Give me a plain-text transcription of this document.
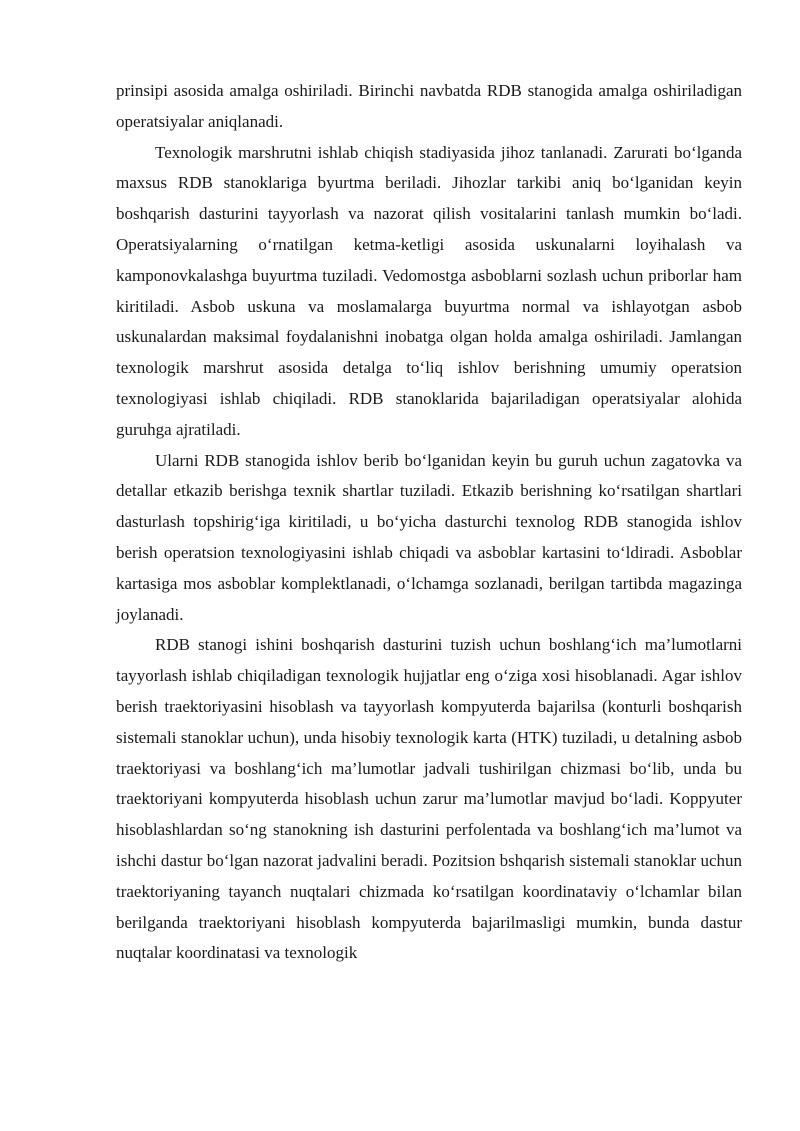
prinsipi asosida amalga oshiriladi. Birinchi navbatda RDB stanogida amalga oshiriladigan operatsiyalar aniqlanadi.

Texnologik marshrutni ishlab chiqish stadiyasida jihoz tanlanadi. Zarurati bo‘lganda maxsus RDB stanoklariga byurtma beriladi. Jihozlar tarkibi aniq bo‘lganidan keyin boshqarish dasturini tayyorlash va nazorat qilish vositalarini tanlash mumkin bo‘ladi. Operatsiyalarning o‘rnatilgan ketma-ketligi asosida uskunalarni loyihalash va kamponovkalashga buyurtma tuziladi. Vedomostga asboblarni sozlash uchun priborlar ham kiritiladi. Asbob uskuna va moslamalarga buyurtma normal va ishlayotgan asbob uskunalardan maksimal foydalanishni inobatga olgan holda amalga oshiriladi. Jamlangan texnologik marshrut asosida detalga to‘liq ishlov berishning umumiy operatsion texnologiyasi ishlab chiqiladi. RDB stanoklarida bajariladigan operatsiyalar alohida guruhga ajratiladi.

Ularni RDB stanogida ishlov berib bo‘lganidan keyin bu guruh uchun zagatovka va detallar etkazib berishga texnik shartlar tuziladi. Etkazib berishning ko‘rsatilgan shartlari dasturlash topshirig‘iga kiritiladi, u bo‘yicha dasturchi texnolog RDB stanogida ishlov berish operatsion texnologiyasini ishlab chiqadi va asboblar kartasini to‘ldiradi. Asboblar kartasiga mos asboblar komplektlanadi, o‘lchamga sozlanadi, berilgan tartibda magazinga joylanadi.

RDB stanogi ishini boshqarish dasturini tuzish uchun boshlang‘ich ma’lumotlarni tayyorlash ishlab chiqiladigan texnologik hujjatlar eng o‘ziga xosi hisoblanadi. Agar ishlov berish traektoriyasini hisoblash va tayyorlash kompyuterda bajarilsa (konturli boshqarish sistemali stanoklar uchun), unda hisobiy texnologik karta (HTK) tuziladi, u detalning asbob traektoriyasi va boshlang‘ich ma’lumotlar jadvali tushirilgan chizmasi bo‘lib, unda bu traektoriyani kompyuterda hisoblash uchun zarur ma’lumotlar mavjud bo‘ladi. Koppyuter hisoblashlardan so‘ng stanokning ish dasturini perfolentada va boshlang‘ich ma’lumot va ishchi dastur bo‘lgan nazorat jadvalini beradi. Pozitsion bshqarish sistemali stanoklar uchun traektoriyaning tayanch nuqtalari chizmada ko‘rsatilgan koordinataviy o‘lchamlar bilan berilganda traektoriyani hisoblash kompyuterda bajarilmasligi mumkin, bunda dastur nuqtalar koordinatasi va texnologik
